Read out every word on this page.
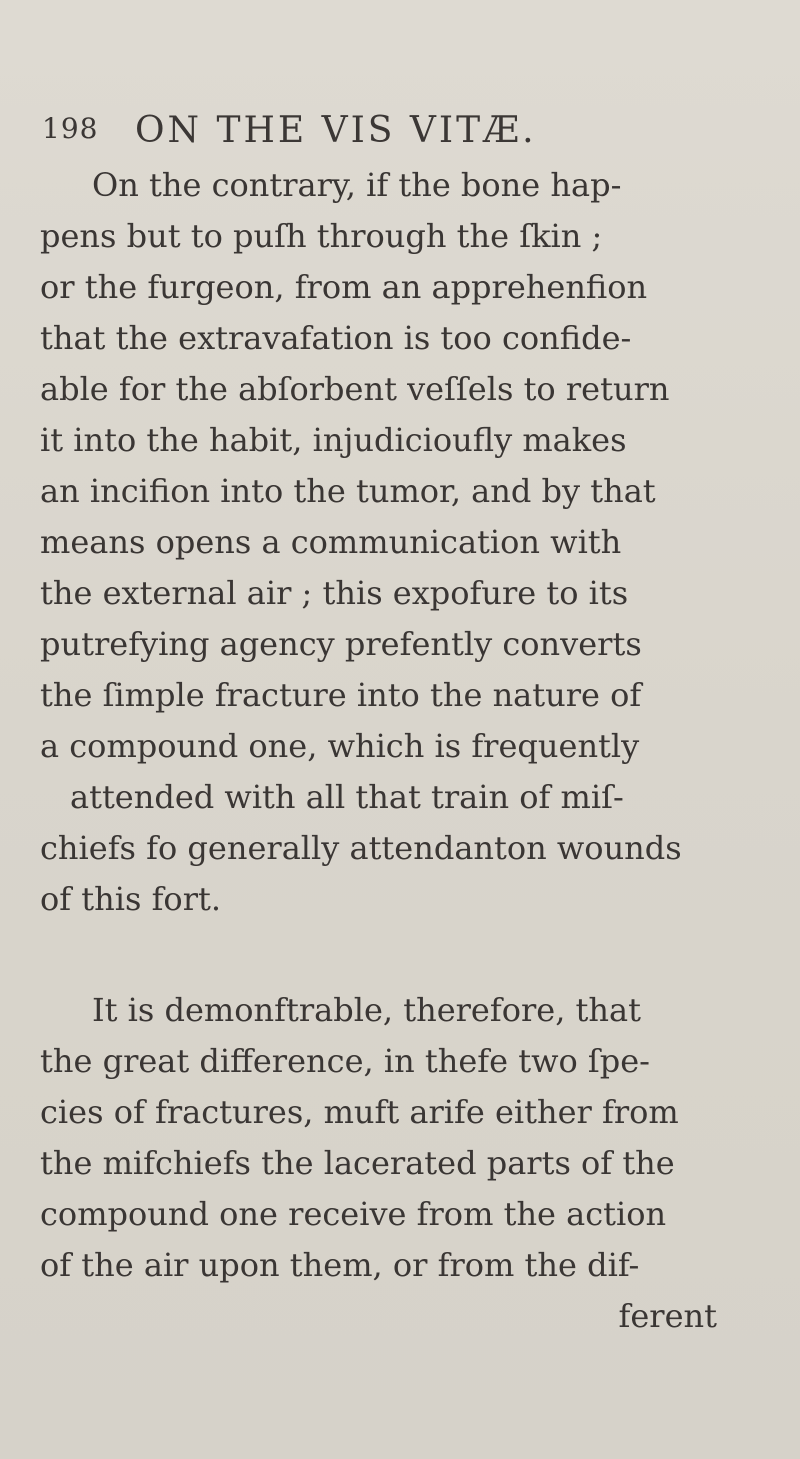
198 ON THE VIS VITÆ.
On the contrary, if the bone hap-
pens but to puſh through the ſkin ;
or the furgeon, from an apprehenfion
that the extravafation is too confide-
able for the abſorbent veſſels to return
it into the habit, injudicioufly makes
an incifion into the tumor, and by that
means opens a communication with
the external air ; this expofure to its
putrefying agency prefently converts
the ſimple fracture into the nature of
a compound one, which is frequently
attended with all that train of miſ-
chiefs fo generally attendanton wounds
of this fort.
It is demonftrable, therefore, that
the great difference, in thefe two ſpe-
cies of fractures, muft arife either from
the mifchiefs the lacerated parts of the
compound one receive from the action
of the air upon them, or from the dif-
ferent
